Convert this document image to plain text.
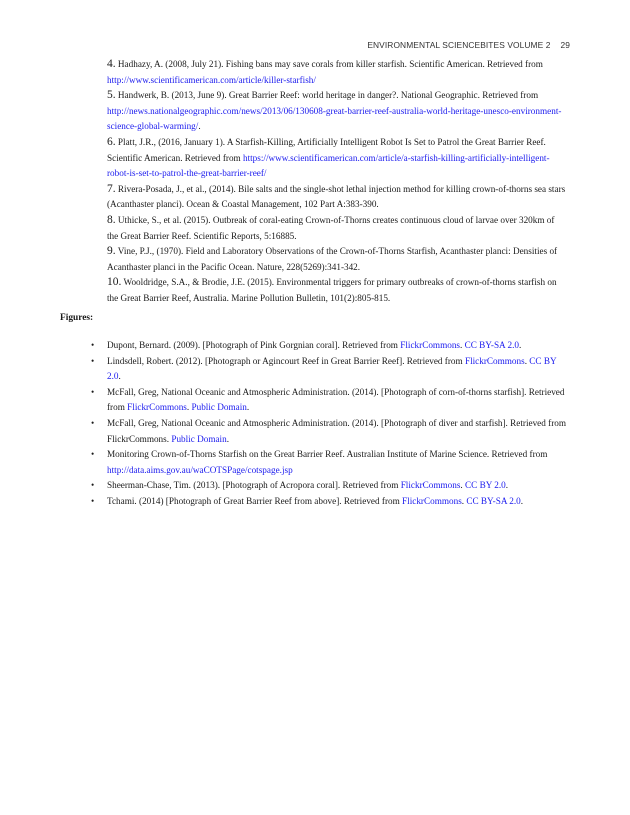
ENVIRONMENTAL SCIENCEBITES VOLUME 2 29
4. Hadhazy, A. (2008, July 21). Fishing bans may save corals from killer starfish. Scientific American. Retrieved from http://www.scientificamerican.com/article/killer-starfish/
5. Handwerk, B. (2013, June 9). Great Barrier Reef: world heritage in danger?. National Geographic. Retrieved from http://news.nationalgeographic.com/news/2013/06/130608-great-barrier-reef-australia-world-heritage-unesco-environment-science-global-warming/.
6. Platt, J.R., (2016, January 1). A Starfish-Killing, Artificially Intelligent Robot Is Set to Patrol the Great Barrier Reef. Scientific American. Retrieved from https://www.scientificamerican.com/article/a-starfish-killing-artificially-intelligent-robot-is-set-to-patrol-the-great-barrier-reef/
7. Rivera-Posada, J., et al., (2014). Bile salts and the single-shot lethal injection method for killing crown-of-thorns sea stars (Acanthaster planci). Ocean & Coastal Management, 102 Part A:383-390.
8. Uthicke, S., et al. (2015). Outbreak of coral-eating Crown-of-Thorns creates continuous cloud of larvae over 320km of the Great Barrier Reef. Scientific Reports, 5:16885.
9. Vine, P.J., (1970). Field and Laboratory Observations of the Crown-of-Thorns Starfish, Acanthaster planci: Densities of Acanthaster planci in the Pacific Ocean. Nature, 228(5269):341-342.
10. Wooldridge, S.A., & Brodie, J.E. (2015). Environmental triggers for primary outbreaks of crown-of-thorns starfish on the Great Barrier Reef, Australia. Marine Pollution Bulletin, 101(2):805-815.
Figures:
• Dupont, Bernard. (2009). [Photograph of Pink Gorgnian coral]. Retrieved from FlickrCommons. CC BY-SA 2.0.
• Lindsdell, Robert. (2012). [Photograph or Agincourt Reef in Great Barrier Reef]. Retrieved from FlickrCommons. CC BY 2.0.
• McFall, Greg, National Oceanic and Atmospheric Administration. (2014). [Photograph of corn-of-thorns starfish]. Retrieved from FlickrCommons. Public Domain.
• McFall, Greg, National Oceanic and Atmospheric Administration. (2014). [Photograph of diver and starfish]. Retrieved from FlickrCommons. Public Domain.
• Monitoring Crown-of-Thorns Starfish on the Great Barrier Reef. Australian Institute of Marine Science. Retrieved from http://data.aims.gov.au/waCOTSPage/cotspage.jsp
• Sheerman-Chase, Tim. (2013). [Photograph of Acropora coral]. Retrieved from FlickrCommons. CC BY 2.0.
• Tchami. (2014) [Photograph of Great Barrier Reef from above]. Retrieved from FlickrCommons. CC BY-SA 2.0.
